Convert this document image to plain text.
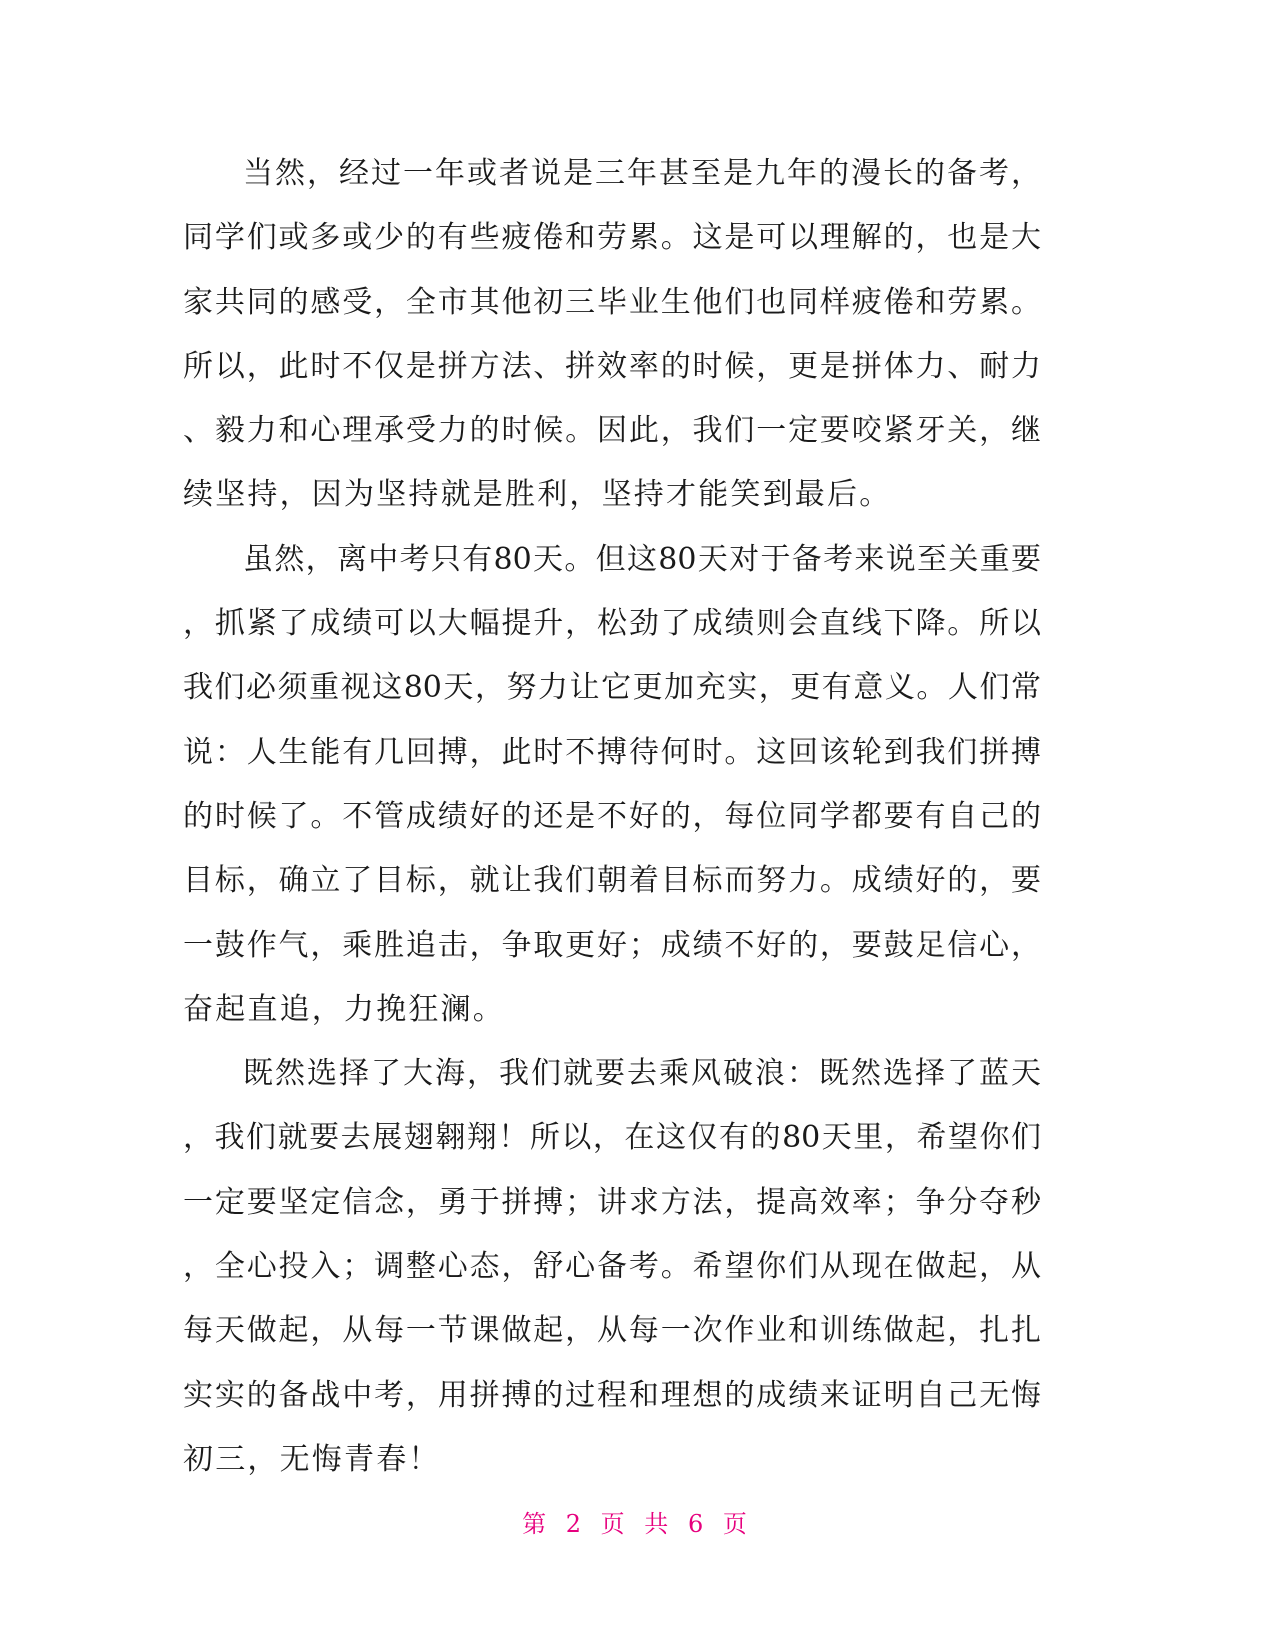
当然，经过一年或者说是三年甚至是九年的漫长的备考，
同学们或多或少的有些疲倦和劳累。这是可以理解的，也是大
家共同的感受，全市其他初三毕业生他们也同样疲倦和劳累。
所以，此时不仅是拼方法、拼效率的时候，更是拼体力、耐力
、毅力和心理承受力的时候。因此，我们一定要咬紧牙关，继
续坚持，因为坚持就是胜利，坚持才能笑到最后。
虽然，离中考只有80天。但这80天对于备考来说至关重要
，抓紧了成绩可以大幅提升，松劲了成绩则会直线下降。所以
我们必须重视这80天，努力让它更加充实，更有意义。人们常
说：人生能有几回搏，此时不搏待何时。这回该轮到我们拼搏
的时候了。不管成绩好的还是不好的，每位同学都要有自己的
目标，确立了目标，就让我们朝着目标而努力。成绩好的，要
一鼓作气，乘胜追击，争取更好；成绩不好的，要鼓足信心，
奋起直追，力挽狂澜。
既然选择了大海，我们就要去乘风破浪：既然选择了蓝天
，我们就要去展翅翱翔！所以，在这仅有的80天里，希望你们
一定要坚定信念，勇于拼搏；讲求方法，提高效率；争分夺秒
，全心投入；调整心态，舒心备考。希望你们从现在做起，从
每天做起，从每一节课做起，从每一次作业和训练做起，扎扎
实实的备战中考，用拼搏的过程和理想的成绩来证明自己无悔
初三，无悔青春！
第 2 页 共 6 页
